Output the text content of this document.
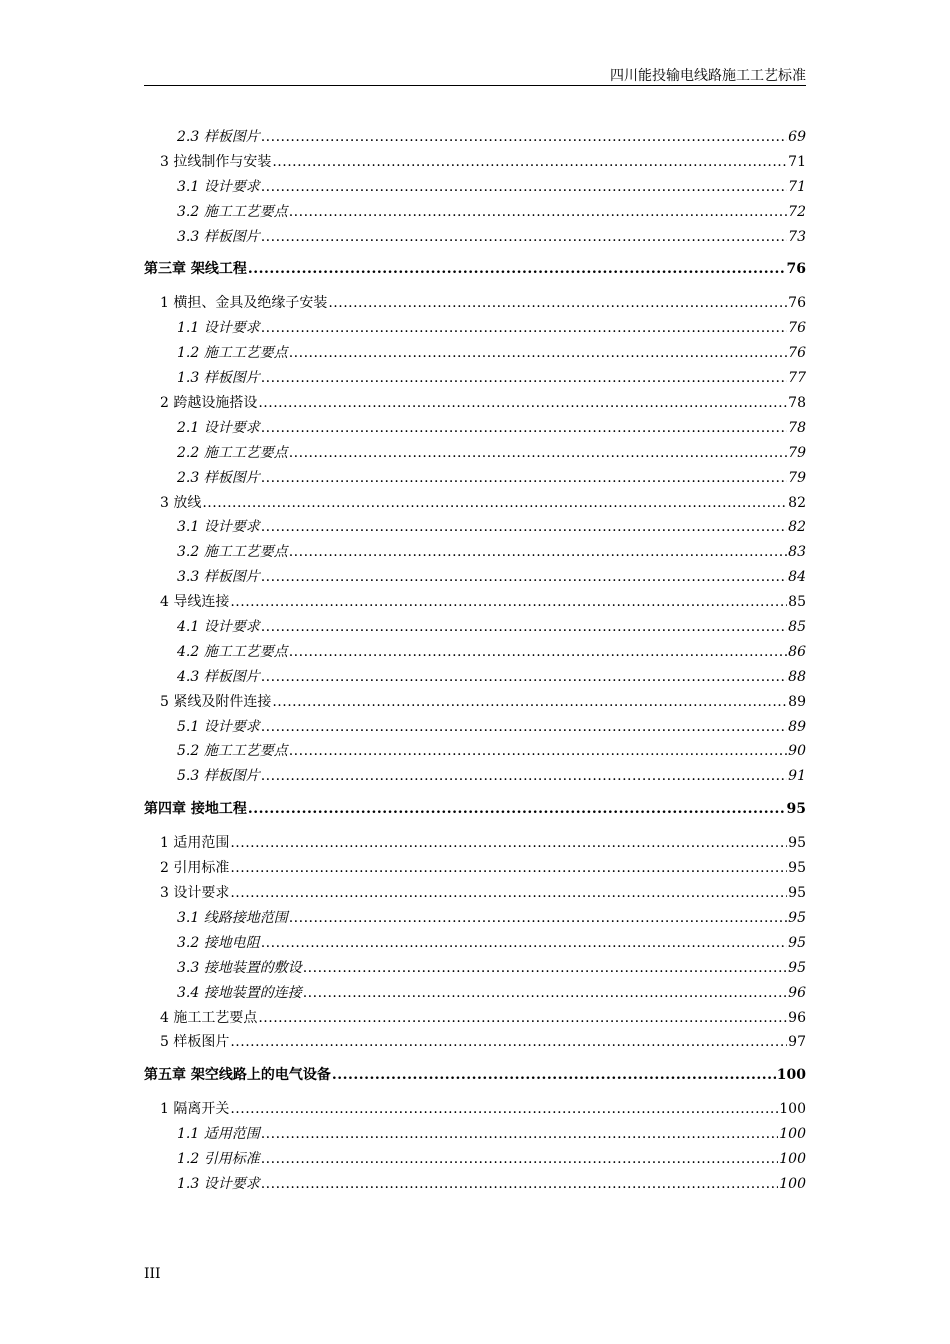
四川能投输电线路施工工艺标准
2.3 样板图片 .....	69
3 拉线制作与安装 .....	71
3.1 设计要求 .....	71
3.2 施工工艺要点 .....	72
3.3 样板图片 .....	73
第三章 架线工程 .....	76
1 横担、金具及绝缘子安装 .....	76
1.1 设计要求 .....	76
1.2 施工工艺要点 .....	76
1.3 样板图片 .....	77
2 跨越设施搭设 .....	78
2.1 设计要求 .....	78
2.2 施工工艺要点 .....	79
2.3 样板图片 .....	79
3 放线 .....	82
3.1 设计要求 .....	82
3.2 施工工艺要点 .....	83
3.3 样板图片 .....	84
4 导线连接 .....	85
4.1 设计要求 .....	85
4.2 施工工艺要点 .....	86
4.3 样板图片 .....	88
5 紧线及附件连接 .....	89
5.1 设计要求 .....	89
5.2 施工工艺要点 .....	90
5.3 样板图片 .....	91
第四章 接地工程 .....	95
1 适用范围 .....	95
2 引用标准 .....	95
3 设计要求 .....	95
3.1 线路接地范围 .....	95
3.2 接地电阻 .....	95
3.3 接地装置的敷设 .....	95
3.4 接地装置的连接 .....	96
4 施工工艺要点 .....	96
5 样板图片 .....	97
第五章 架空线路上的电气设备 .....	100
1 隔离开关 .....	100
1.1 适用范围 .....	100
1.2 引用标准 .....	100
1.3 设计要求 .....	100
III
